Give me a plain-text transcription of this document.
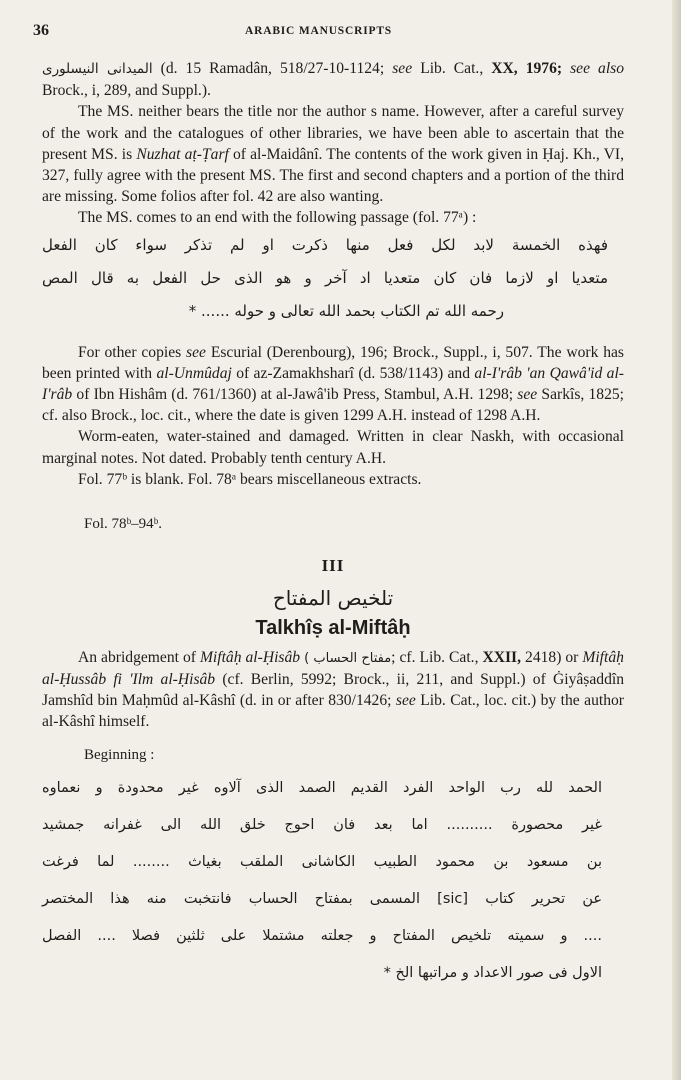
36	ARABIC MANUSCRIPTS

الميدانى النيسلورى (d. 15 Ramadân, 518/27-10-1124; see Lib. Cat., XX, 1976; see also Brock., i, 289, and Suppl.).

The MS. neither bears the title nor the author s name. However, after a careful survey of the work and the catalogues of other libraries, we have been able to ascertain that the present MS. is Nuzhat aṭ-Ṭarf of al-Maidânî. The contents of the work given in Ḥaj. Kh., VI, 327, fully agree with the present MS. The first and second chapters and a portion of the third are missing. Some folios after fol. 42 are also wanting.

The MS. comes to an end with the following passage (fol. 77ᵃ) :

فهذه الخمسة لابد لكل فعل منها ذكرت او لم تذكر سواء كان الفعل

متعديا او لازما فان كان متعديا اد آخر و هو الذى حل الفعل به قال المص

رحمه الله تم الكتاب بحمد الله تعالى و حوله ...... *

For other copies see Escurial (Derenbourg), 196; Brock., Suppl., i, 507. The work has been printed with al-Unmûdaj of az-Zamakhsharî (d. 538/1143) and al-I'râb 'an Qawâ'id al-I'râb of Ibn Hishâm (d. 761/1360) at al-Jawâ'ib Press, Stambul, A.H. 1298; see Sarkîs, 1825; cf. also Brock., loc. cit., where the date is given 1299 A.H. instead of 1298 A.H.

Worm-eaten, water-stained and damaged. Written in clear Naskh, with occasional marginal notes. Not dated. Probably tenth century A.H.

Fol. 77ᵇ is blank. Fol. 78ᵃ bears miscellaneous extracts.

Fol. 78ᵇ–94ᵇ.

III

تلخيص المفتاح

Talkhîṣ al-Miftâḥ

An abridgement of Miftâḥ al-Ḥisâb ( مفتاح الحساب; cf. Lib. Cat., XXII, 2418) or Miftâḥ al-Ḥussâb fi 'Ilm al-Ḥisâb (cf. Berlin, 5992; Brock., ii, 211, and Suppl.) of Ġiyâṣaddîn Jamshîd bin Maḥmûd al-Kâshî (d. in or after 830/1426; see Lib. Cat., loc. cit.) by the author al-Kâshî himself.

Beginning :

الحمد لله رب الواحد الفرد القديم الصمد الذى آلاوه غير محدودة و نعماوه

غير محصورة .......... اما بعد فان احوج خلق الله الى غفرانه جمشيد

بن مسعود بن محمود الطبيب الكاشانى الملقب بغياث ........ لما فرغت

عن تحرير كتاب [sic] المسمى بمفتاح الحساب فانتخبت منه هذا المختصر

.... و سميته تلخيص المفتاح و جعلته مشتملا على ثلثين فصلا .... الفصل

الاول فى صور الاعداد و مراتبها الخ *
